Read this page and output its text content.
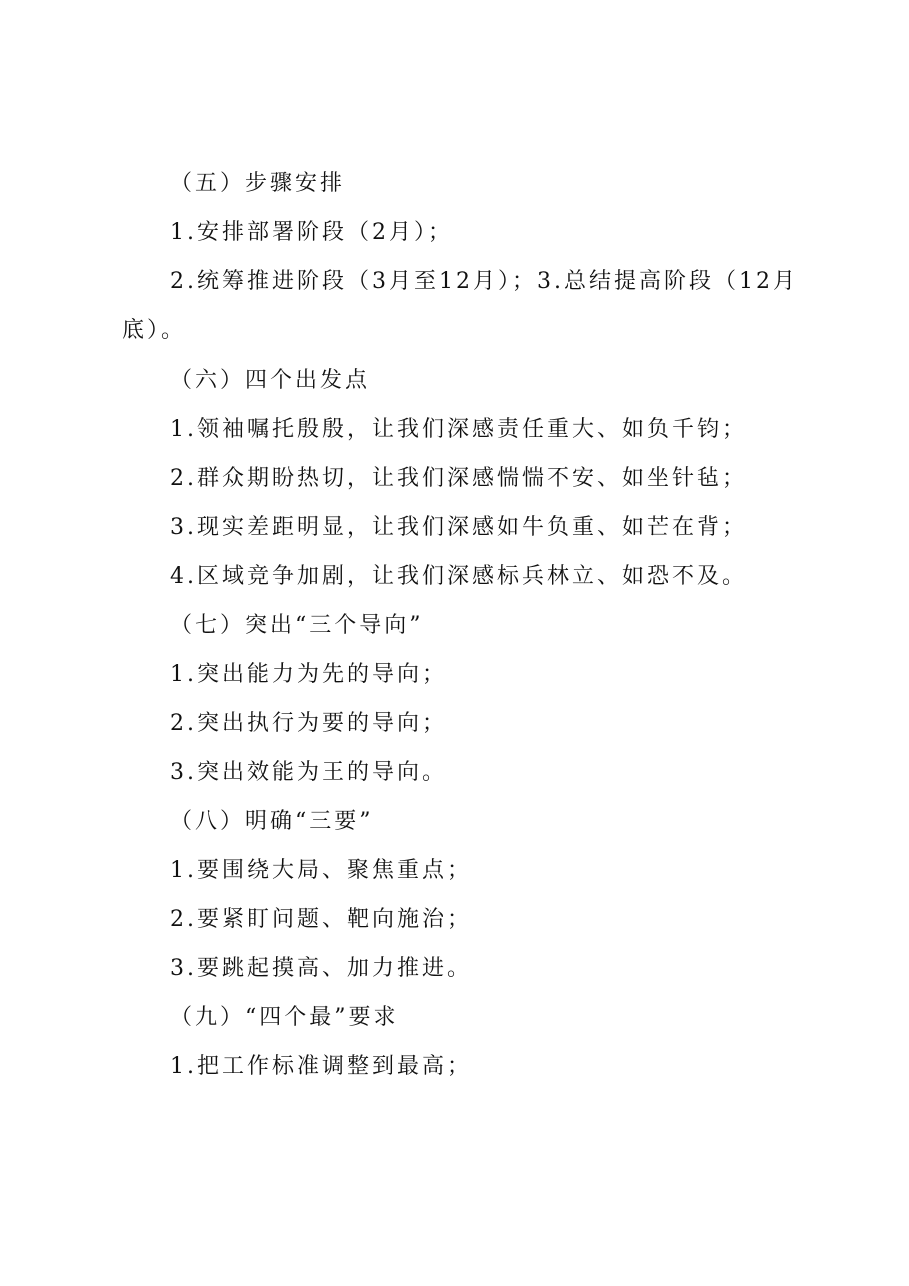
（五）步骤安排
1.安排部署阶段（2月）；
2.统筹推进阶段（3月至12月）；3.总结提高阶段（12月
底）。
（六）四个出发点
1.领袖嘱托殷殷，让我们深感责任重大、如负千钧；
2.群众期盼热切，让我们深感惴惴不安、如坐针毡；
3.现实差距明显，让我们深感如牛负重、如芒在背；
4.区域竞争加剧，让我们深感标兵林立、如恐不及。
（七）突出“三个导向”
1.突出能力为先的导向；
2.突出执行为要的导向；
3.突出效能为王的导向。
（八）明确“三要”
1.要围绕大局、聚焦重点；
2.要紧盯问题、靶向施治；
3.要跳起摸高、加力推进。
（九）“四个最”要求
1.把工作标准调整到最高；
